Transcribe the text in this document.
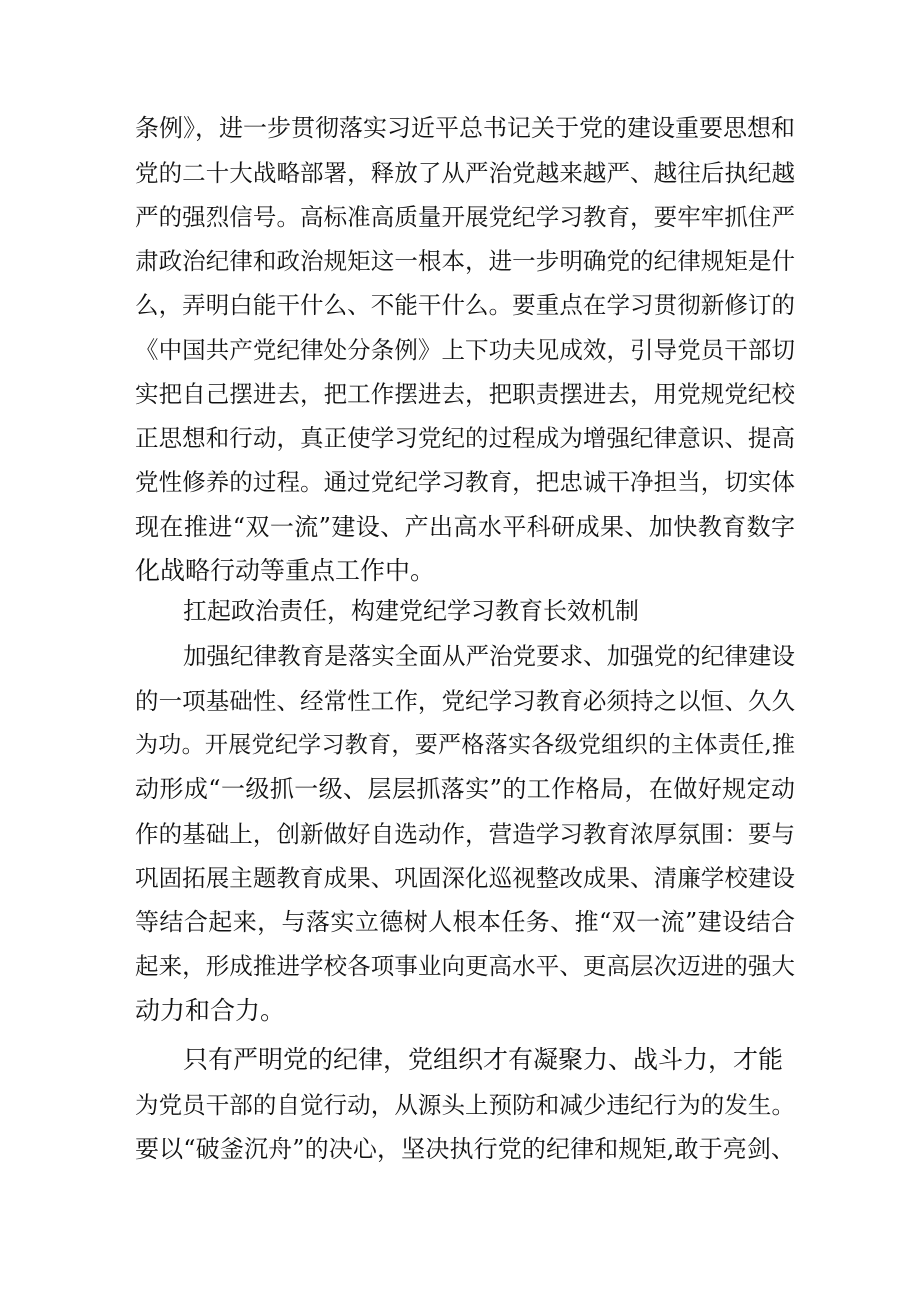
条例》，进一步贯彻落实习近平总书记关于党的建设重要思想和
党的二十大战略部署，释放了从严治党越来越严、越往后执纪越
严的强烈信号。高标准高质量开展党纪学习教育，要牢牢抓住严
肃政治纪律和政治规矩这一根本，进一步明确党的纪律规矩是什
么，弄明白能干什么、不能干什么。要重点在学习贯彻新修订的
《中国共产党纪律处分条例》上下功夫见成效，引导党员干部切
实把自己摆进去，把工作摆进去，把职责摆进去，用党规党纪校
正思想和行动，真正使学习党纪的过程成为增强纪律意识、提高
党性修养的过程。通过党纪学习教育，把忠诚干净担当，切实体
现在推进“双一流”建设、产出高水平科研成果、加快教育数字
化战略行动等重点工作中。
扛起政治责任，构建党纪学习教育长效机制
加强纪律教育是落实全面从严治党要求、加强党的纪律建设
的一项基础性、经常性工作，党纪学习教育必须持之以恒、久久
为功。开展党纪学习教育，要严格落实各级党组织的主体责任,推
动形成“一级抓一级、层层抓落实”的工作格局，在做好规定动
作的基础上，创新做好自选动作，营造学习教育浓厚氛围：要与
巩固拓展主题教育成果、巩固深化巡视整改成果、清廉学校建设
等结合起来，与落实立德树人根本任务、推“双一流”建设结合
起来，形成推进学校各项事业向更高水平、更高层次迈进的强大
动力和合力。
只有严明党的纪律，党组织才有凝聚力、战斗力，才能
为党员干部的自觉行动，从源头上预防和减少违纪行为的发生。
要以“破釜沉舟”的决心，坚决执行党的纪律和规矩,敢于亮剑、
